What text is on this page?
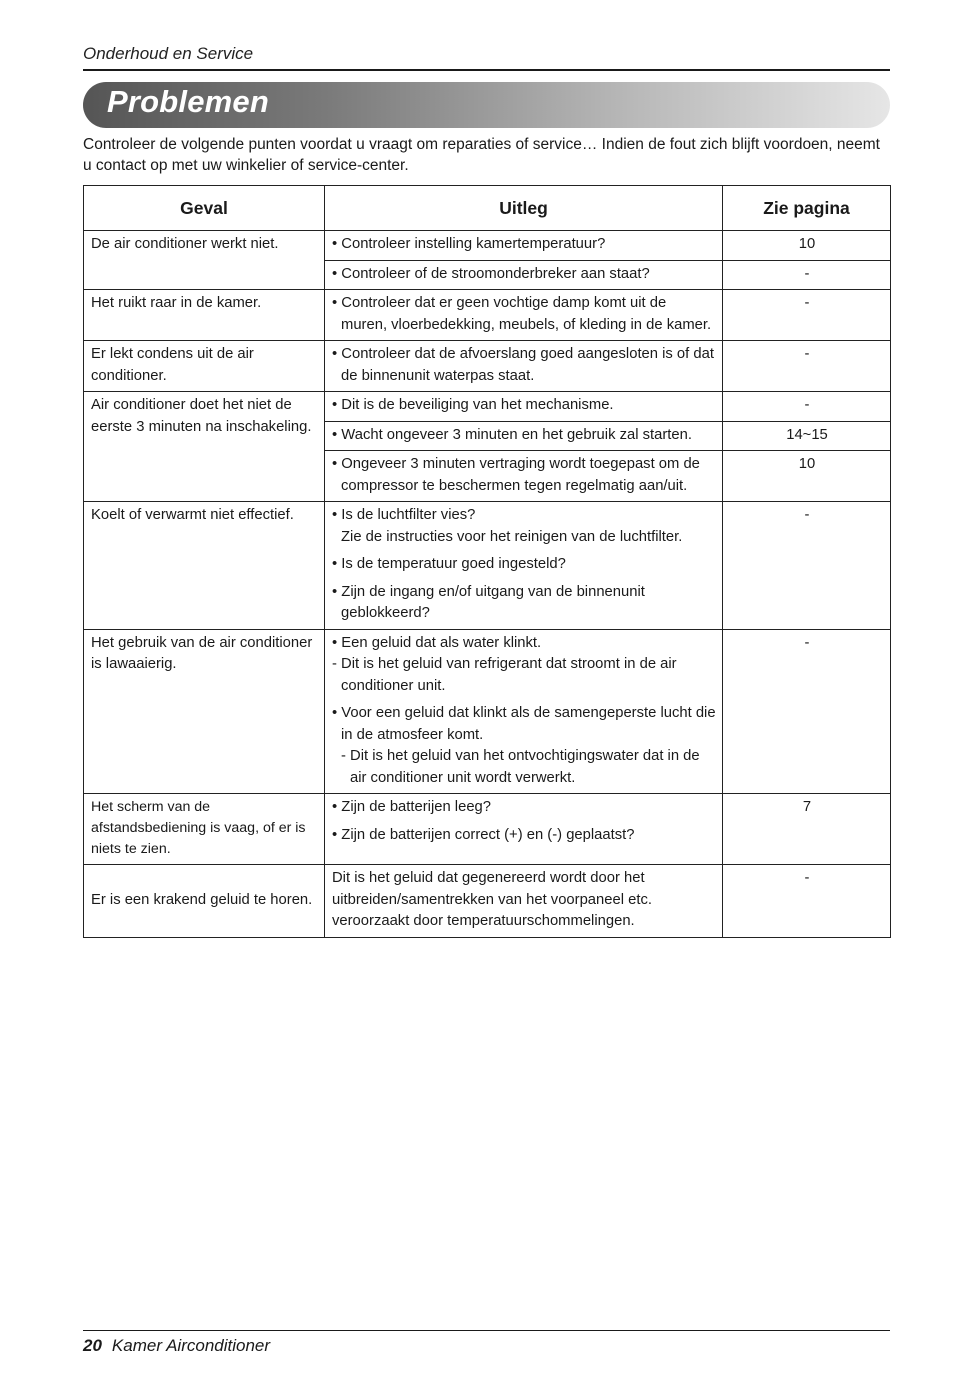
Onderhoud en Service
Problemen
Controleer de volgende punten voordat u vraagt om reparaties of service… Indien de fout zich blijft voordoen, neemt u contact op met uw winkelier of service-center.
Geval	Uitleg	Zie pagina
De air conditioner werkt niet.	• Controleer instelling kamertemperatuur?	10

	• Controleer of de stroomonderbreker aan staat?	-
Het ruikt raar in de kamer.	• Controleer dat er geen vochtige damp komt uit de muren, vloerbedekking, meubels, of kleding in de kamer.	-
Er lekt condens uit de air conditioner.	• Controleer dat de afvoerslang goed aangesloten is of dat de binnenunit waterpas staat.	-
Air conditioner doet het niet de eerste 3 minuten na inschakeling.	• Dit is de beveiliging van het mechanisme.	-

	• Wacht ongeveer 3 minuten en het gebruik zal starten.	14~15

	• Ongeveer 3 minuten vertraging wordt toegepast om de compressor te beschermen tegen regelmatig aan/uit.	10
Koelt of verwarmt niet effectief.	• Is de luchtfilter vies?
Zie de instructies voor het reinigen van de luchtfilter.
• Is de temperatuur goed ingesteld?
• Zijn de ingang en/of uitgang van de binnenunit geblokkeerd?	-
Het gebruik van de air conditioner is lawaaierig.	• Een geluid dat als water klinkt.
- Dit is het geluid van refrigerant dat stroomt in de air conditioner unit.
• Voor een geluid dat klinkt als de samengeperste lucht die in de atmosfeer komt.
- Dit is het geluid van het ontvochtigingswater dat in de air conditioner unit wordt verwerkt.	-
Het scherm van de afstandsbediening is vaag, of er is niets te zien.	• Zijn de batterijen leeg?
• Zijn de batterijen correct (+) en (-) geplaatst?	7
Er is een krakend geluid te horen.	Dit is het geluid dat gegenereerd wordt door het uitbreiden/samentrekken van het voorpaneel etc. veroorzaakt door temperatuurschommelingen.	-
20 Kamer Airconditioner
